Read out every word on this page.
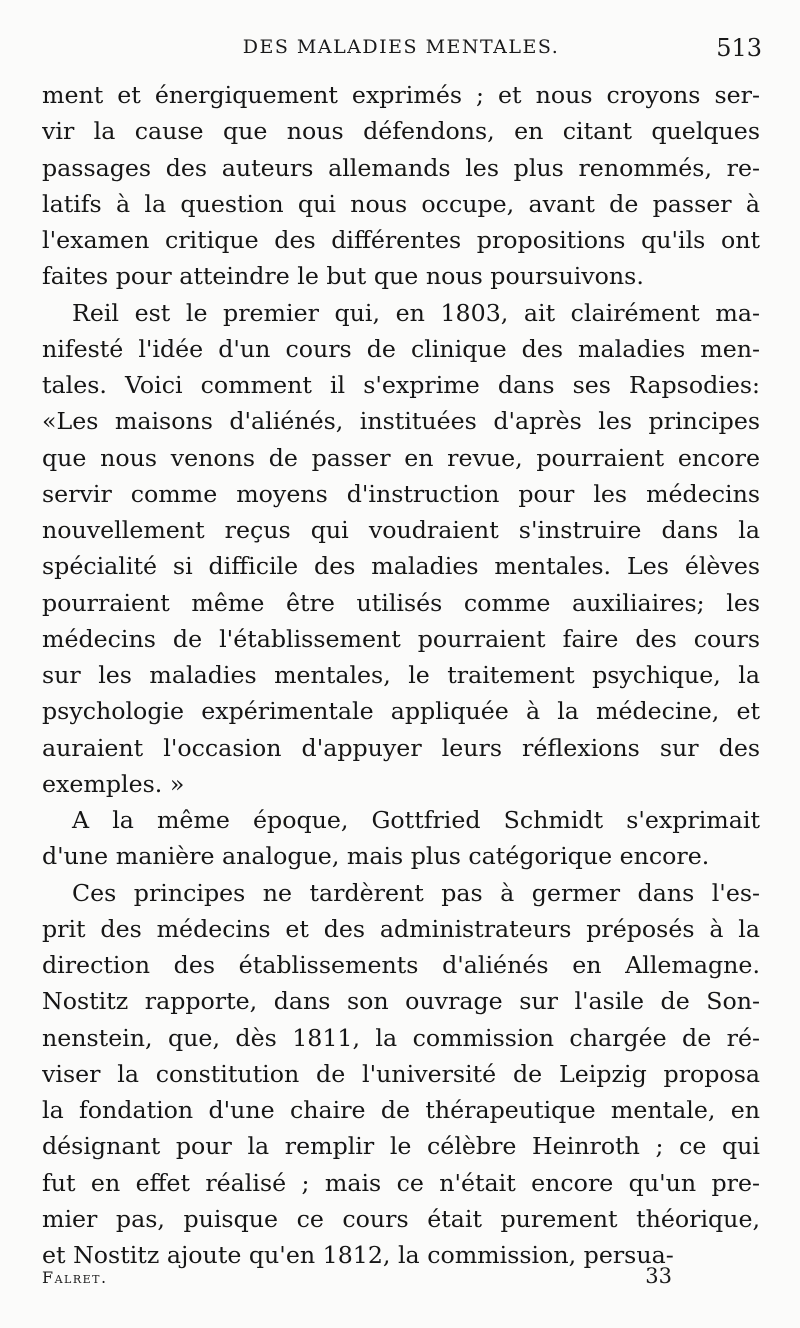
DES MALADIES MENTALES.	513
ment et énergiquement exprimés ; et nous croyons ser-
vir la cause que nous défendons, en citant quelques
passages des auteurs allemands les plus renommés, re-
latifs à la question qui nous occupe, avant de passer à
l'examen critique des différentes propositions qu'ils ont
faites pour atteindre le but que nous poursuivons.
Reil est le premier qui, en 1803, ait clairément ma-
nifesté l'idée d'un cours de clinique des maladies men-
tales. Voici comment il s'exprime dans ses Rapsodies:
«Les maisons d'aliénés, instituées d'après les principes
que nous venons de passer en revue, pourraient encore
servir comme moyens d'instruction pour les médecins
nouvellement reçus qui voudraient s'instruire dans la
spécialité si difficile des maladies mentales. Les élèves
pourraient même être utilisés comme auxiliaires; les
médecins de l'établissement pourraient faire des cours
sur les maladies mentales, le traitement psychique, la
psychologie expérimentale appliquée à la médecine, et
auraient l'occasion d'appuyer leurs réflexions sur des
exemples. »
A la même époque, Gottfried Schmidt s'exprimait
d'une manière analogue, mais plus catégorique encore.
Ces principes ne tardèrent pas à germer dans l'es-
prit des médecins et des administrateurs préposés à la
direction des établissements d'aliénés en Allemagne.
Nostitz rapporte, dans son ouvrage sur l'asile de Son-
nenstein, que, dès 1811, la commission chargée de ré-
viser la constitution de l'université de Leipzig proposa
la fondation d'une chaire de thérapeutique mentale, en
désignant pour la remplir le célèbre Heinroth ; ce qui
fut en effet réalisé ; mais ce n'était encore qu'un pre-
mier pas, puisque ce cours était purement théorique,
et Nostitz ajoute qu'en 1812, la commission, persua-
Falret.	33
